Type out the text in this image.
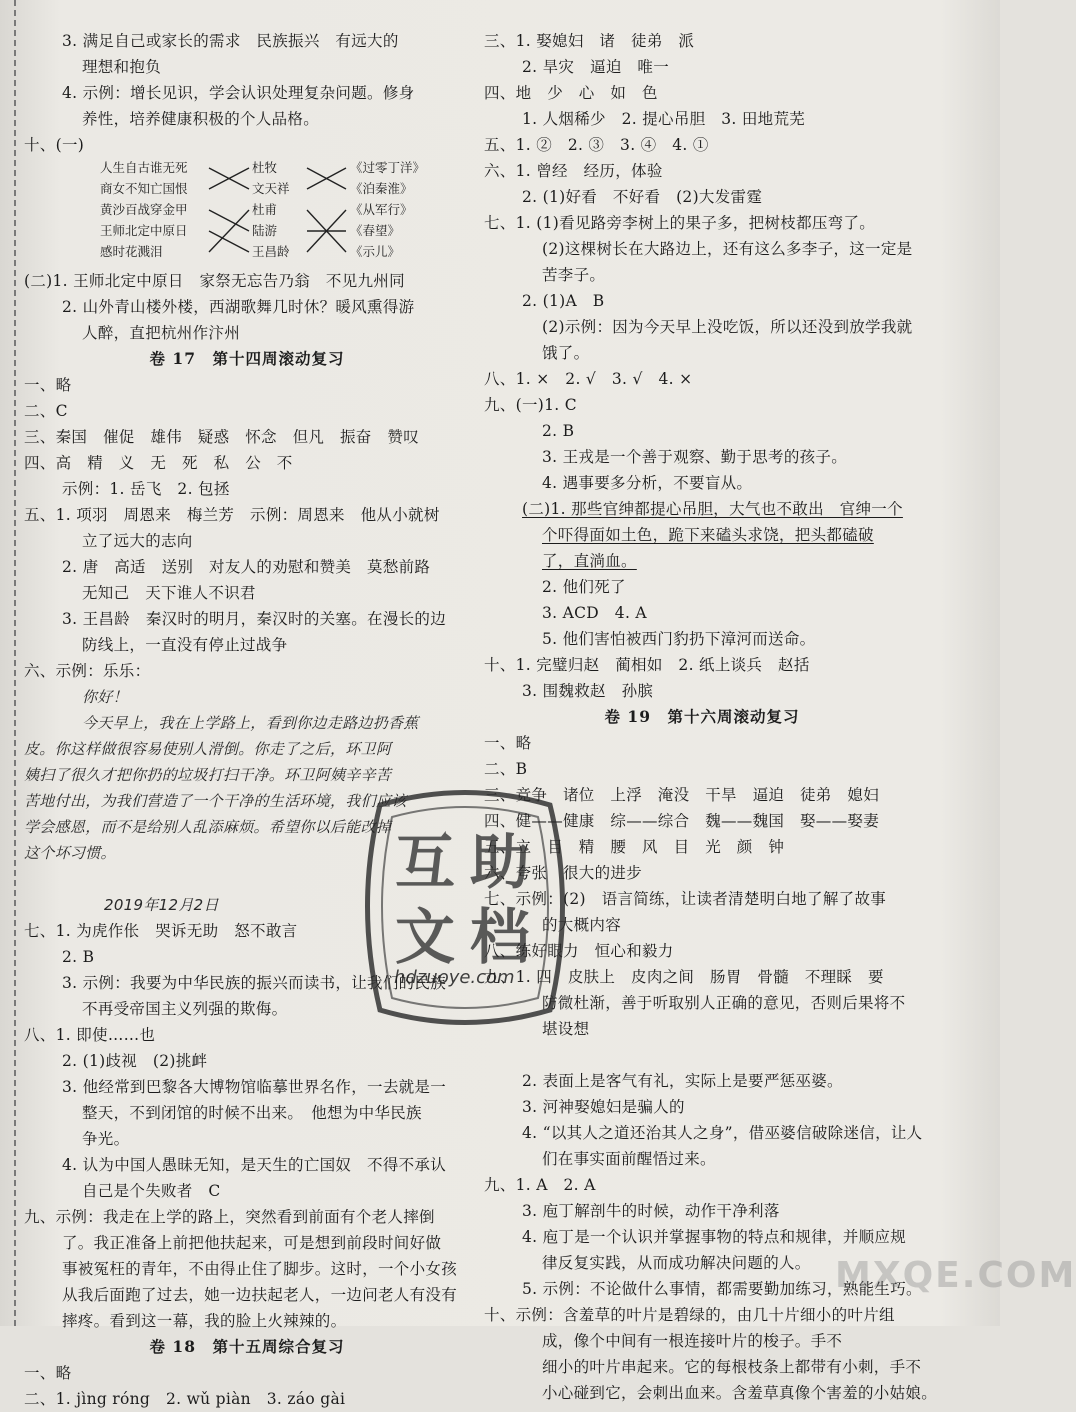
3. 满足自己或家长的需求　民族振兴　有远大的
理想和抱负
4. 示例：增长见识，学会认识处理复杂问题。修身
养性，培养健康积极的个人品格。
十、(一)
人生自古谁无死
商女不知亡国恨
黄沙百战穿金甲
王师北定中原日
感时花溅泪
杜牧
文天祥
杜甫
陆游
王昌龄
《过零丁洋》
《泊秦淮》
《从军行》
《春望》
《示儿》
(二)1. 王师北定中原日　家祭无忘告乃翁　不见九州同
2. 山外青山楼外楼，西湖歌舞几时休？暖风熏得游
人醉，直把杭州作汴州
卷 17　第十四周滚动复习
一、略
二、C
三、秦国　催促　雄伟　疑惑　怀念　但凡　振奋　赞叹
四、高　精　义　无　死　私　公　不
示例：1. 岳飞　2. 包拯
五、1. 项羽　周恩来　梅兰芳　示例：周恩来　他从小就树
立了远大的志向
2. 唐　高适　送别　对友人的劝慰和赞美　莫愁前路
无知己　天下谁人不识君
3. 王昌龄　秦汉时的明月，秦汉时的关塞。在漫长的边
防线上，一直没有停止过战争
六、示例：乐乐：
你好！
今天早上，我在上学路上，看到你边走路边扔香蕉
皮。你这样做很容易使别人滑倒。你走了之后，环卫阿
姨扫了很久才把你扔的垃圾打扫干净。环卫阿姨辛辛苦
苦地付出，为我们营造了一个干净的生活环境，我们应该
学会感恩，而不是给别人乱添麻烦。希望你以后能改掉
这个坏习惯。
2019年12月2日
七、1. 为虎作伥　哭诉无助　怒不敢言
2. B
3. 示例：我要为中华民族的振兴而读书，让我们的民族
不再受帝国主义列强的欺侮。
八、1. 即使……也
2. (1)歧视　(2)挑衅
3. 他经常到巴黎各大博物馆临摹世界名作，一去就是一
整天，不到闭馆的时候不出来。　他想为中华民族
争光。
4. 认为中国人愚昧无知，是天生的亡国奴　不得不承认
自己是个失败者　C
九、示例：我走在上学的路上，突然看到前面有个老人摔倒
了。我正准备上前把他扶起来，可是想到前段时间好做
事被冤枉的青年，不由得止住了脚步。这时，一个小女孩
从我后面跑了过去，她一边扶起老人，一边问老人有没有
摔疼。看到这一幕，我的脸上火辣辣的。
卷 18　第十五周综合复习
一、略
二、1. jìng róng　2. wǔ piàn　3. záo gài
三、1. 娶媳妇　诸　徒弟　派
2. 旱灾　逼迫　唯一
四、地　少　心　如　色
1. 人烟稀少　2. 提心吊胆　3. 田地荒芜
五、1. ②　2. ③　3. ④　4. ①
六、1. 曾经　经历，体验
2. (1)好看　不好看　(2)大发雷霆
七、1. (1)看见路旁李树上的果子多，把树枝都压弯了。
(2)这棵树长在大路边上，还有这么多李子，这一定是
苦李子。
2. (1)A　B
(2)示例：因为今天早上没吃饭，所以还没到放学我就
饿了。
八、1. ×　2. √　3. √　4. ×
九、(一)1. C
2. B
3. 王戎是一个善于观察、勤于思考的孩子。
4. 遇事要多分析，不要盲从。
(二)1. 那些官绅都提心吊胆，大气也不敢出　官绅一个
个吓得面如土色，跪下来磕头求饶，把头都磕破
了，直淌血。
2. 他们死了
3. ACD　4. A
5. 他们害怕被西门豹扔下漳河而送命。
十、1. 完璧归赵　蔺相如　2. 纸上谈兵　赵括
3. 围魏救赵　孙膑
卷 19　第十六周滚动复习
一、略
二、B
三、竞争　诸位　上浮　淹没　干旱　逼迫　徒弟　媳妇
四、健——健康　综——综合　魏——魏国　娶——娶妻
五、立　目　精　腰　风　目　光　颜　钟
六、夸张　很大的进步
七、示例：(2)　语言简练，让读者清楚明白地了解了故事
的大概内容
八、练好眼力　恒心和毅力
九、1. 四　皮肤上　皮肉之间　肠胃　骨髓　不理睬　要
防微杜渐，善于听取别人正确的意见，否则后果将不
堪设想
2. 表面上是客气有礼，实际上是要严惩巫婆。
3. 河神娶媳妇是骗人的
4. “以其人之道还治其人之身”，借巫婆信破除迷信，让人
们在事实面前醒悟过来。
九、1. A　2. A
3. 庖丁解剖牛的时候，动作干净利落
4. 庖丁是一个认识并掌握事物的特点和规律，并顺应规
律反复实践，从而成功解决问题的人。
5. 示例：不论做什么事情，都需要勤加练习，熟能生巧。
十、示例：含羞草的叶片是碧绿的，由几十片细小的叶片组
成，像个中间有一根连接叶片的梭子。手不
细小的叶片串起来。它的每根枝条上都带有小刺，手不
小心碰到它，会刺出血来。含羞草真像个害羞的小姑娘。
互 助
文 档
hdzuoye.com
MXQE.COM
